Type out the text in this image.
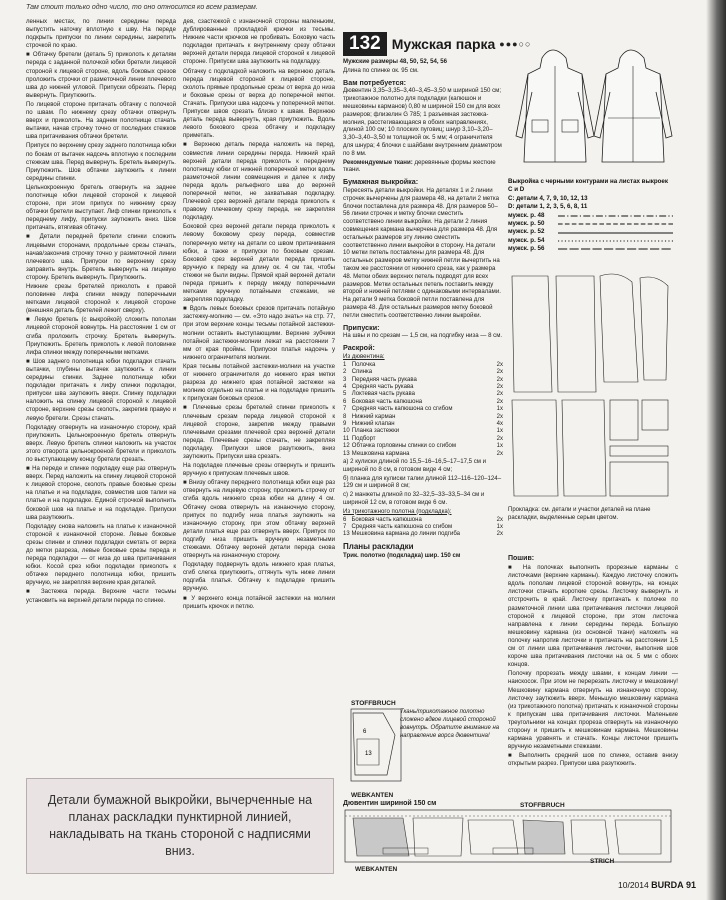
Там стоит только одно число, то оно относится ко всем размерам.

ленных местах, по линии середины переда выпустить наточку вплотную к шву. На переде подкрыть припуски по линии середины, закрепить строчкой по краю.

■ Обтачку бретели (деталь 5) приколоть к деталям переда с заданной полочкой юбки бретели лицевой стороной к лицевой стороне, вдоль боковых срезов проложить строчки от разметочной линии плечевого шва до нижней угловой. Припуски обрезать. Перед вывернуть. Приутюжить.

По лицевой стороне притачать обтачку с полочкой по швам. По нижнему срезу обтачки отвернуть вверх и приколоть. На заднем полотнище стачать вытачки, начав строчку точно от последних стежков шва притачивания обтачки бретели.

Припуск по верхнему срезу заднего полотнища юбки по бокам от вытачек надсечь вплотную к последним стежкам шва. Перед вывернуть. Бретель вывернуть. Приутюжить. Шов обтачки заутюжить к линии середины спинки.

Цельнокроенную бретель отвернуть на заднее полотнище юбки лицевой стороной к лицевой стороне, при этом припуск по нижнему срезу обтачки бретели выступает. Лиф спинки приколоть к переднему лифу, припуски заутюжить вниз. Шов притачать, втягивая обтачку.

■ Детали передней бретели спинки сложить лицевыми сторонами, продольные срезы стачать, начав/закончив строчку точно у разметочной линии плечевого шва. Припуски по верхнему срезу заправить внутрь. Бретель вывернуть на лицевую сторону. Бретель вывернуть. Приутюжить.

Нижние срезы бретелей приколоть к правой половинке лифа спинки между поперечными метками лицевой стороной к лицевой стороне (внешняя деталь бретелей лежит сверху).

■ Левую бретель (с выкройкой) сложить пополам лицевой стороной вовнутрь. На расстоянии 1 см от сгиба проложить строчку. Бретель вывернуть. Приутюжить. Бретель приколоть к левой половинке лифа спинки между поперечными метками.

■ Шов заднего полотнища юбки подкладки стачать вытачки, глубины вытачек заутюжить к линии середины спинки. Заднее полотнище юбки подкладки притачать к лифу спинки подкладки, припуски шва заутюжить вверх. Спинку подкладки наложить на спинку лицевой стороной к лицевой стороне, верхние срезы сколоть, закрепив правую и левую бретели. Срезы стачать.

Подкладку отвернуть на изнаночную сторону, край приутюжить. Цельнокроенную бретель отвернуть вверх. Левую бретель спинки наложить на участок этого отворота цельнокроеной бретели и приколоть по выступающему концу бретели срезать.

■ На переде и спинке подкладку еще раз отвернуть вверх. Перед наложить на спинку лицевой стороной к лицевой стороне, сколоть правые боковые срезы на платье и на подкладке, совместив шов талии на платье и на подкладке. Единой строчкой выполнить боковой шов на платье и на подкладке. Припуски шва разутюжить.

Подкладку снова наложить на платье к изнаночной стороной к изнаночной стороне. Левые боковые срезы спинки и спинки подкладки сметать от верха до метки разреза, левые боковые срезы переда и переда подкладки — от низа до шва притачивания юбки. Косой срез юбки подкладки приколоть к обтачке переднего полотнища юбки, пришить вручную, не закрепляя верхние края деталей.

■ Застежка переда. Верхние части тесьмы установить на верхней детали переда по спинке.

дев, сзастежкой с изнаночной стороны маленьким, дублированные прокладкой крючки из тесьмы. Нижние части крючков не пробивать. Боковую часть подкладки притачать к внутреннему срезу обтачки верхней детали переда лицевой стороной к лицевой стороне. Припуски шва заутюжить на подкладку.

Обтачку с подкладкой наложить на верхнюю деталь переда лицевой стороной к лицевой стороне, сколоть прямые продольные срезы от верха до низа и боковые срезы от верха до поперечной метки. Стачать. Припуски шва надсечь у поперечной метки. Припуски швов срезать близко к швам. Верхнюю деталь переда вывернуть, края приутюжить. Вдоль левого бокового среза обтачку и подкладку приметать.

■ Верхнюю деталь переда наложить на перед, совместив линии середины переда. Нижний край верхней детали переда приколоть к переднему полотнищу юбки от нижней поперечной метки вдоль разметочной линии совмещения и далее к лифу переда вдоль рельефного шва до верхней поперечной метки, не захватывая подкладку. Плечевой срез верхней детали переда приколоть к правому плечевому срезу переда, не закрепляя подкладку.

Боковой срез верхней детали переда приколоть к левому боковому срезу переда, совместив поперечную метку на детали со швом притачивания юбки, а также и припуски по боковым срезам. Боковой срез верхней детали переда пришить вручную к переду на длину ок. 4 см так, чтобы стежки не были видны. Прямой край верхней детали переда пришить к переду между поперечными метками вручную потайными стежками, не закрепляя подкладку.

■ Вдоль левых боковых срезов притачать потайную застежку-молнию — см. «Это надо знать» на стр. 77, при этом верхние концы тесьмы потайной застежки-молнии оставить выступающими. Верхние зубчики потайной застежки-молнии лежат на расстоянии 7 мм от края проймы. Припуски платья надсечь у нижнего ограничителя молнии.

Края тесьмы потайной застежки-молнии на участке от нижнего ограничителя до нижнего края метки разреза до нижнего края потайной застежки на молнию отдельно на платье и на подкладке пришить к припускам боковых срезов.

■ Плечевые срезы бретелей спинки приколоть к плечевым срезам переда лицевой стороной к лицевой стороне, закрепив между правыми плечевыми срезами плечевой срез верхней детали переда. Плечевые срезы стачать, не закрепляя подкладку. Припуски швов разутюжить, вниз заутюжить. Припуски шва срезать.

На подкладке плечевые срезы отвернуть и пришить вручную к припускам плечевых швов.

■ Внизу обтачку переднего полотнища юбки еще раз отвернуть на лицевую сторону, проложить строчку от сгиба вдоль нижнего среза юбки на длину 4 см. Обтачку снова отвернуть на изнаночную сторону, припуск по подгибу низа платья заутюжить на изнаночную сторону, при этом обтачку верхней детали платья еще раз отвернуть вверх. Припуск по подгибу низа пришить вручную незаметными стежками. Обтачку верхней детали переда снова отвернуть на изнаночную сторону.

Подкладку подвернуть вдоль нижнего края платья, сгиб слегка приутюжить, оттянуть чуть ниже линии подгиба платья. Обтачку к подкладке пришить вручную.

■ У верхнего конца потайной застежки на молнии пришить крючок и петлю.

Детали бумажной выкройки, вычерченные на планах раскладки пунктирной линией, накладывать на ткань стороной с надписями вниз.
132 Мужская парка ●●●○○

Мужские размеры 48, 50, 52, 54, 56

Длина по спинке ок. 95 см.

Вам потребуется:

Дювентин 3,35–3,35–3,40–3,45–3,50 м шириной 150 см; трикотажное полотно для подкладки (капюшон и мешковины карманов) 0,80 м шириной 150 см для всех размеров; флизелин G 785; 1 разъемная застежка-молния, расстегивающаяся в обоих направлениях, длиной 100 см; 10 плоских пуговиц; шнур 3,10–3,20–3,30–3,40–3,50 м толщиной ок. 5 мм; 4 ограничителя для шнура; 4 блочки с шайбами внутренним диаметром по 8 мм.

Рекомендуемые ткани: деревянные формы жесткие ткани.

Бумажная выкройка:

Пересеять детали выкройки. На деталях 1 и 2 линии строчек вычерчены для размера 48, на детали 2 метка блочки поставлена для размера 48. Для размеров 50–56 линии строчек и метку блочки сместить соответствено линии выкройки. На детали 2 линия совмещения кармана вычерчена для размера 48. Для остальных размеров эту линию сместить соответственно линии выкройки в сторону. На детали 10 метки петель поставлены для размера 48. Для остальных размеров метку нижней петли вычертить на таком же расстоянии от нижнего среза, как у размера 48. Метки обеих верхних петель подводят для всех размеров. Метки остальных петель поставить между второй и нижней петлями с одинаковыми интервалами. На детали 9 метка боковой петли поставлена для размера 48. Для остальных размеров метку боковой петли сместить соответственно линии выкройки.

Припуски:

На швы и по срезам — 1,5 см, на подгибку низа — 8 см.

Раскрой:

Из дювентина:

1	Полочка	2x
2	Спинка	2x
3	Передняя часть рукава	2x
4	Средняя часть рукава	2x
5	Локтевая часть рукава	2x
6	Боковая часть капюшона	2x
7	Средняя часть капюшона со сгибом	1x
8	Нижний карман	2x
9	Нижний клапан	4x
10	Планка застежки	1x
11	Подборт	2x
12	Обтачка горловины спинки со сгибом	1x
13	Мешковина кармана	2x

а) 2 кулиски длиной по 15,5–16–16,5–17–17,5 см и шириной по 8 см, в готовом виде 4 см;

б) планка для кулиски талии длиной 112–116–120–124–129 см и шириной 8 см;

с) 2 манжеты длиной по 32–32,5–33–33,5–34 см и шириной 12 см, в готовом виде 6 см.

Из трикотажного полотна (подкладка):

6	Боковая часть капюшона	2x
7	Средняя часть капюшона со сгибом	1x
13	Мешковина кармана до линии подгиба	2x

Планы раскладки

Трик. полотно (подкладка) шир. 150 см

6
13
STOFFBRUCH
WEBKANTEN
Ткань/трикотажное полотно сложено вдвое лицевой стороной вовнутрь. Обратите внимание на направление ворса дювентина!
Дювентин шириной 150 см	STOFFBRUCH
WEBKANTEN
STRICH
Выкройка с черными контурами на листах выкроек C и D
C: детали 4, 7, 9, 10, 12, 13
D: детали 1, 2, 3, 5, 6, 8, 11
мужск. р. 48
мужск. р. 50
мужск. р. 52
мужск. р. 54
мужск. р. 56
Прокладка: см. детали и участки деталей на плане раскладки, выделенные серым цветом.

Пошив:

■ На полочках выполнить прорезные карманы с листочками (верхние карманы). Каждую листочку сложить вдоль пополам лицевой стороной вовнутрь, на концах листочки стачать короткие срезы. Листочку вывернуть и отстрочить в край. Листочку притачать к полочке по разметочной линии шва притачивания листочки лицевой стороной к лицевой стороне, при этом листочка направлена к линии середины переда. Большую мешковину кармана (из основной ткани) наложить на полочку напротив листочки и притачать на расстоянии 1,5 см от линии шва притачивания листочки, выполнив шов короче шва притачивания листочки на ок. 5 мм с обоих концов.

Полочку прорезать между швами, к концам линии — наискосок. При этом не перерезать листочку и мешковину! Мешковину кармана отвернуть на изнаночную сторону, листочку заутюжить вверх. Меньшую мешковину кармана (из трикотажного полотна) притачать к изнаночной стороны к припускам шва притачивания листочки. Маленькие треугольники на концах прореза отвернуть на изнаночную сторону и пришить к мешковинам кармана. Мешковины кармана уравнять и стачать. Концы листочки пришить вручную незаметными стежками.

■ Выполнить средний шов по спинке, оставив внизу открытым разрез. Припуски шва разутюжить.

10/2014 BURDA 91
